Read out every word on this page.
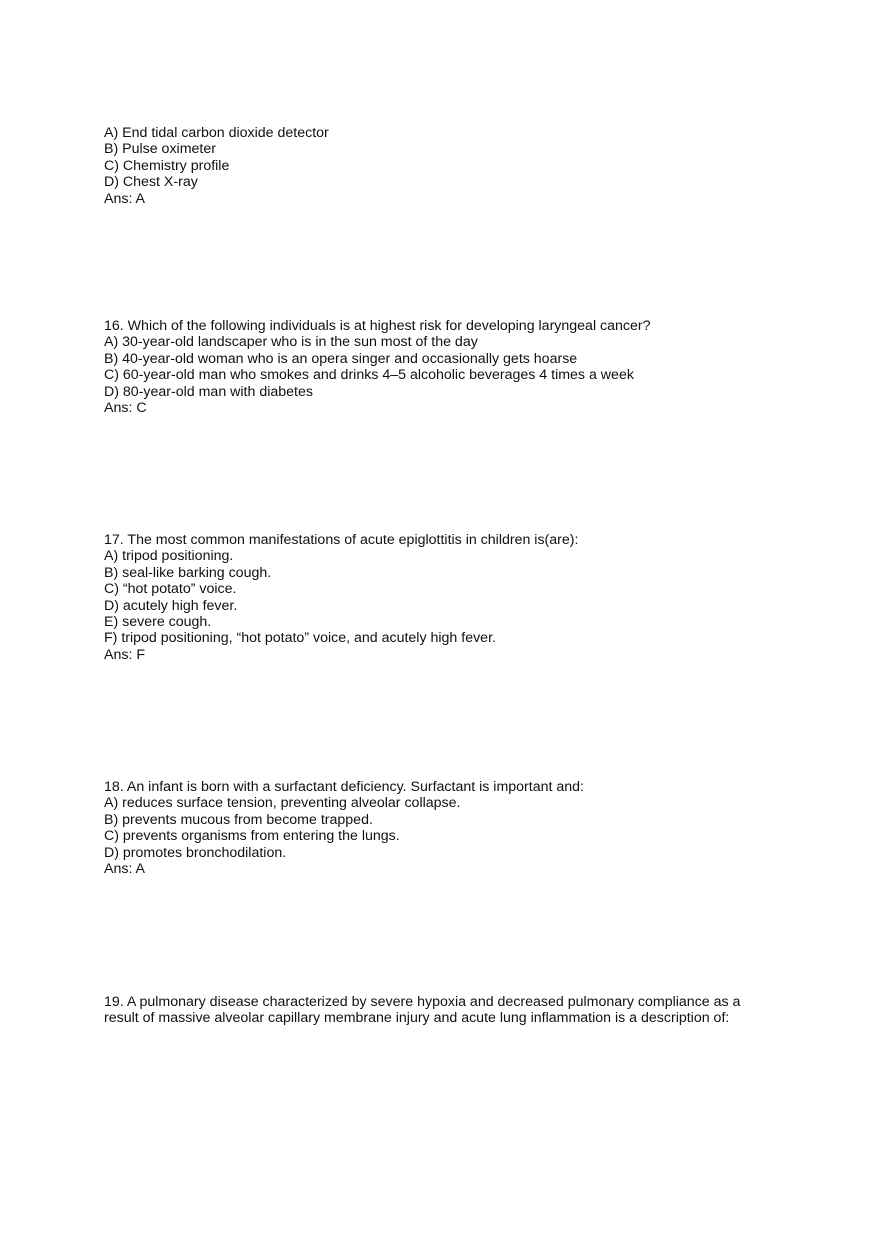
A) End tidal carbon dioxide detector
B) Pulse oximeter
C) Chemistry profile
D) Chest X-ray
Ans: A
16. Which of the following individuals is at highest risk for developing laryngeal cancer?
A) 30-year-old landscaper who is in the sun most of the day
B) 40-year-old woman who is an opera singer and occasionally gets hoarse
C) 60-year-old man who smokes and drinks 4–5 alcoholic beverages 4 times a week
D) 80-year-old man with diabetes
Ans: C
17. The most common manifestations of acute epiglottitis in children is(are):
A) tripod positioning.
B) seal-like barking cough.
C) “hot potato” voice.
D) acutely high fever.
E) severe cough.
F) tripod positioning, “hot potato” voice, and acutely high fever.
Ans: F
18. An infant is born with a surfactant deficiency. Surfactant is important and:
A) reduces surface tension, preventing alveolar collapse.
B) prevents mucous from become trapped.
C) prevents organisms from entering the lungs.
D) promotes bronchodilation.
Ans: A
19. A pulmonary disease characterized by severe hypoxia and decreased pulmonary compliance as a result of massive alveolar capillary membrane injury and acute lung inflammation is a description of:
